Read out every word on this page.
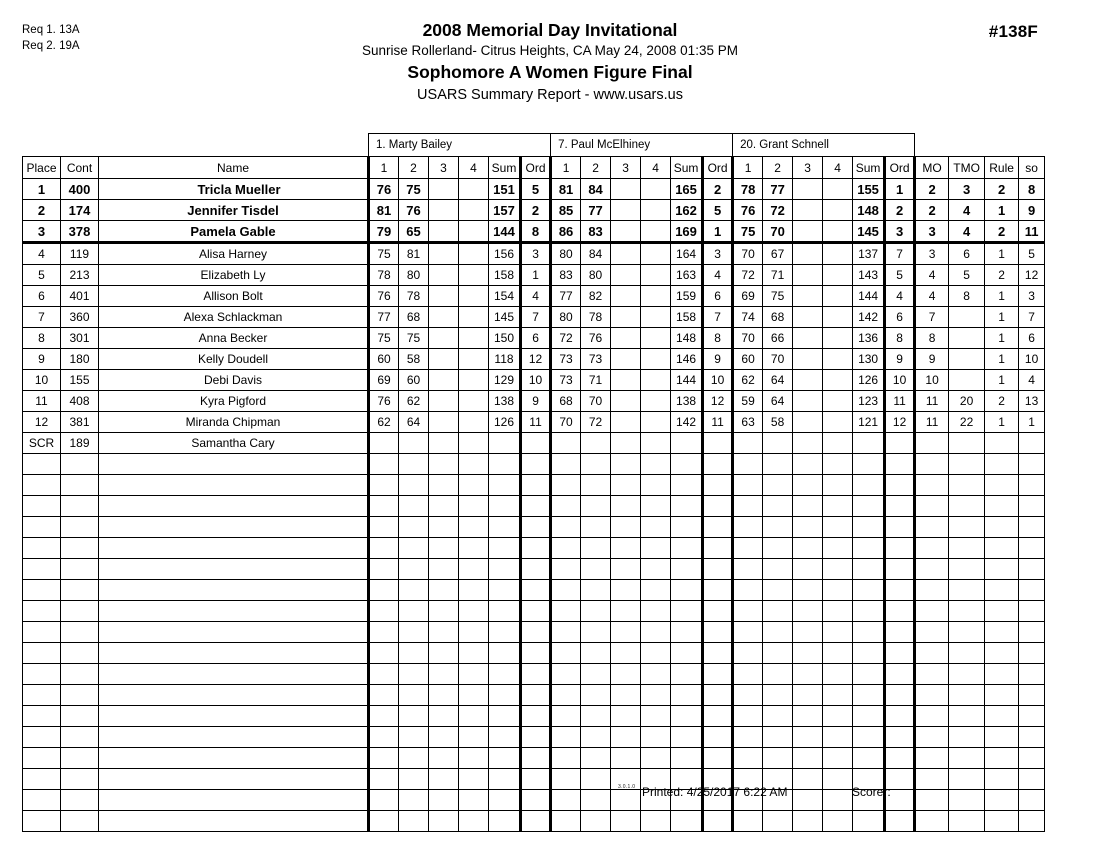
Req 1. 13A
Req 2. 19A
#138F
2008 Memorial Day Invitational
Sunrise Rollerland- Citrus Heights, CA May 24, 2008 01:35 PM
Sophomore A Women Figure Final
USARS Summary Report - www.usars.us
			1. Marty Bailey						7. Paul McElhiney						20. Grant Schnell									
Place	Cont	Name	1	2	3	4	Sum	Ord	1	2	3	4	Sum	Ord	1	2	3	4	Sum	Ord	MO	TMO	Rule	so
1	400	Tricla Mueller	76	75			151	5	81	84			165	2	78	77			155	1	2	3	2	8
2	174	Jennifer Tisdel	81	76			157	2	85	77			162	5	76	72			148	2	2	4	1	9
3	378	Pamela Gable	79	65			144	8	86	83			169	1	75	70			145	3	3	4	2	11
4	119	Alisa Harney	75	81			156	3	80	84			164	3	70	67			137	7	3	6	1	5
5	213	Elizabeth Ly	78	80			158	1	83	80			163	4	72	71			143	5	4	5	2	12
6	401	Allison Bolt	76	78			154	4	77	82			159	6	69	75			144	4	4	8	1	3
7	360	Alexa Schlackman	77	68			145	7	80	78			158	7	74	68			142	6	7		1	7
8	301	Anna Becker	75	75			150	6	72	76			148	8	70	66			136	8	8		1	6
9	180	Kelly Doudell	60	58			118	12	73	73			146	9	60	70			130	9	9		1	10
10	155	Debi Davis	69	60			129	10	73	71			144	10	62	64			126	10	10		1	4
11	408	Kyra Pigford	76	62			138	9	68	70			138	12	59	64			123	11	11	20	2	13
12	381	Miranda Chipman	62	64			126	11	70	72			142	11	63	58			121	12	11	22	1	1
SCR	189	Samantha Cary																						

3.0.1.0 Printed: 4/25/2017 6:22 AM	Scorer:
